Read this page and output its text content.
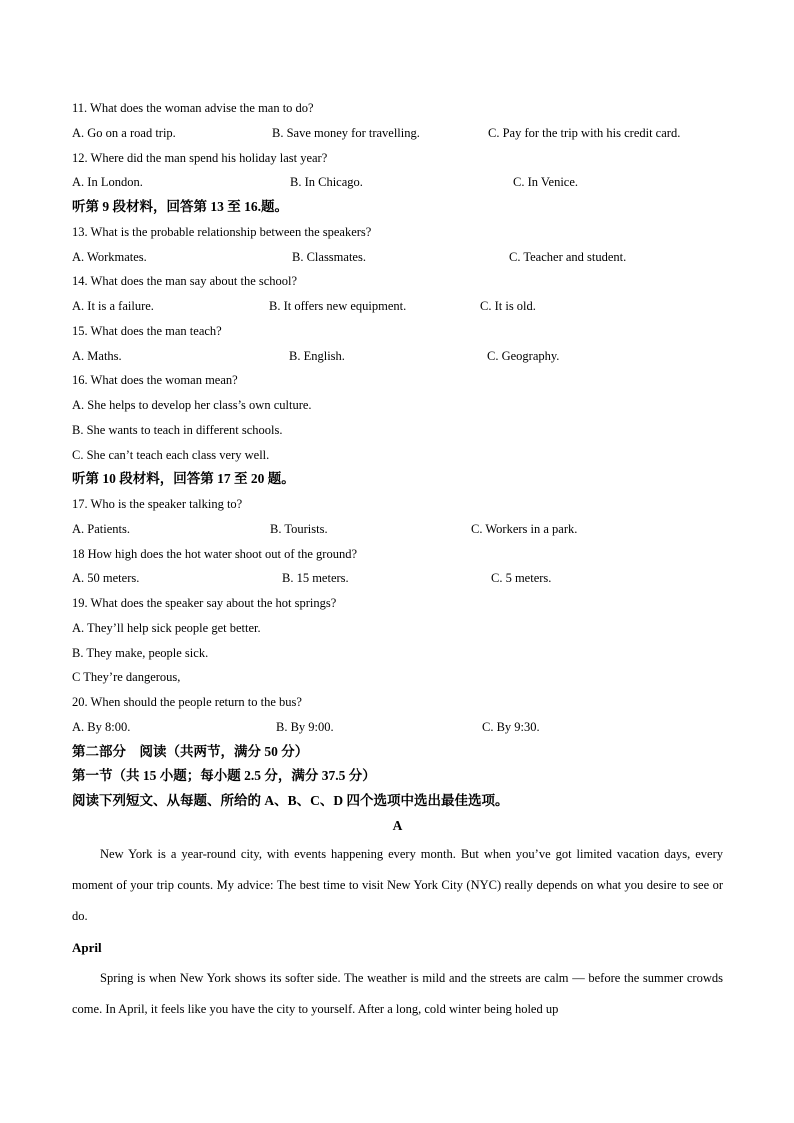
11. What does the woman advise the man to do?
A. Go on a road trip.	B. Save money for travelling.	C. Pay for the trip with his credit card.
12. Where did the man spend his holiday last year?
A. In London.	B. In Chicago.	C. In Venice.
听第 9 段材料，回答第 13 至 16.题。
13. What is the probable relationship between the speakers?
A. Workmates.	B. Classmates.	C. Teacher and student.
14. What does the man say about the school?
A. It is a failure.	B. It offers new equipment.	C. It is old.
15. What does the man teach?
A. Maths.	B. English.	C. Geography.
16. What does the woman mean?
A. She helps to develop her class’s own culture.
B. She wants to teach in different schools.
C. She can’t teach each class very well.
听第 10 段材料，回答第 17 至 20 题。
17. Who is the speaker talking to?
A. Patients.	B. Tourists.	C. Workers in a park.
18 How high does the hot water shoot out of the ground?
A. 50 meters.	B. 15 meters.	C. 5 meters.
19. What does the speaker say about the hot springs?
A. They’ll help sick people get better.
B. They make, people sick.
C They’re dangerous,
20. When should the people return to the bus?
A. By 8:00.	B. By 9:00.	C. By 9:30.
第二部分　阅读（共两节，满分 50 分）
第一节（共 15 小题；每小题 2.5 分，满分 37.5 分）
阅读下列短文、从每题、所给的 A、B、C、D 四个选项中选出最佳选项。
A

New York is a year-round city, with events happening every month. But when you’ve got limited vacation days, every moment of your trip counts. My advice: The best time to visit New York City (NYC) really depends on what you desire to see or do.

April

Spring is when New York shows its softer side. The weather is mild and the streets are calm — before the summer crowds come. In April, it feels like you have the city to yourself. After a long, cold winter being holed up
